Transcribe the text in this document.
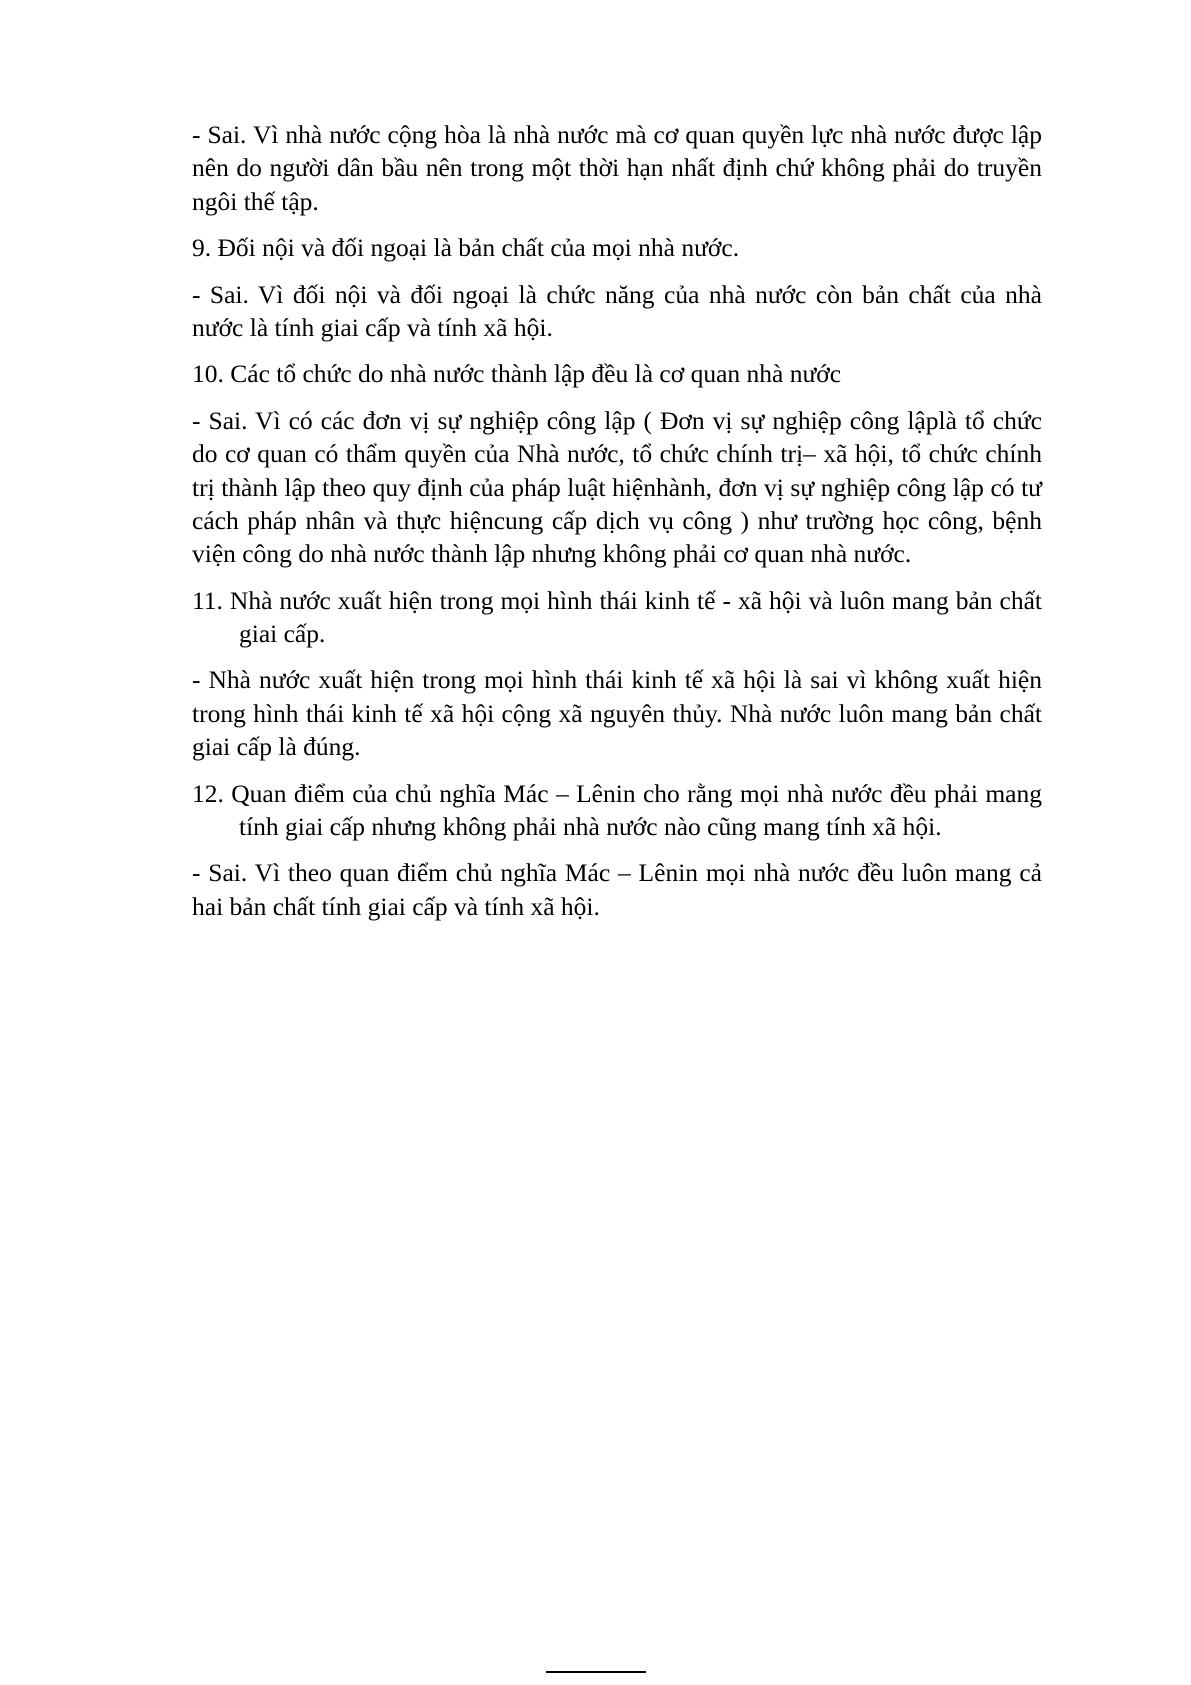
- Sai. Vì nhà nước cộng hòa là nhà nước mà cơ quan quyền lực nhà nước được lập nên do người dân bầu nên trong một thời hạn nhất định chứ không phải do truyền ngôi thế tập.

9. Đối nội và đối ngoại là bản chất của mọi nhà nước.

- Sai. Vì đối nội và đối ngoại là chức năng của nhà nước còn bản chất của nhà nước là tính giai cấp và tính xã hội.

10. Các tổ chức do nhà nước thành lập đều là cơ quan nhà nước

- Sai. Vì có các đơn vị sự nghiệp công lập ( Đơn vị sự nghiệp công lậplà tổ chức do cơ quan có thẩm quyền của Nhà nước, tổ chức chính trị– xã hội, tổ chức chính trị thành lập theo quy định của pháp luật hiệnhành, đơn vị sự nghiệp công lập có tư cách pháp nhân và thực hiệncung cấp dịch vụ công ) như trường học công, bệnh viện công do nhà nước thành lập nhưng không phải cơ quan nhà nước.

11. Nhà nước xuất hiện trong mọi hình thái kinh tế - xã hội và luôn mang bản chất giai cấp.

- Nhà nước xuất hiện trong mọi hình thái kinh tế xã hội là sai vì không xuất hiện trong hình thái kinh tế xã hội cộng xã nguyên thủy. Nhà nước luôn mang bản chất giai cấp là đúng.

12. Quan điểm của chủ nghĩa Mác – Lênin cho rằng mọi nhà nước đều phải mang tính giai cấp nhưng không phải nhà nước nào cũng mang tính xã hội.

- Sai. Vì theo quan điểm chủ nghĩa Mác – Lênin mọi nhà nước đều luôn mang cả hai bản chất tính giai cấp và tính xã hội.
